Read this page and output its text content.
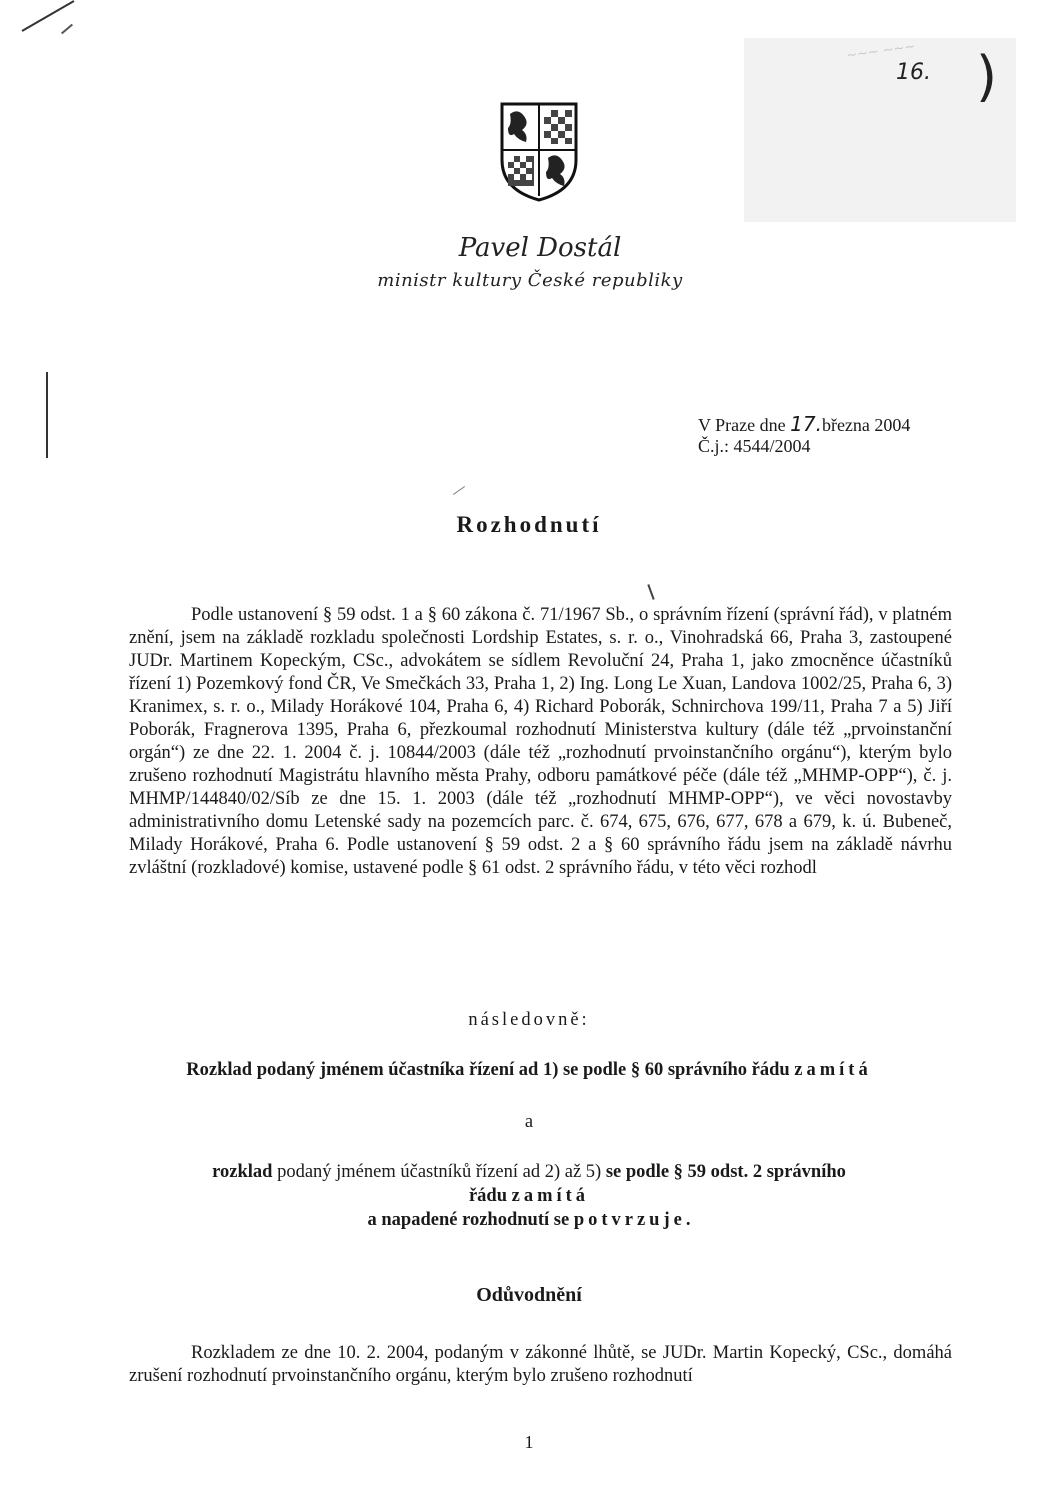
~~~ ~~~
16. )
Pavel Dostál
ministr kultury České republiky
V Praze dne 17.března 2004
Č.j.: 4544/2004
Rozhodnutí
Podle ustanovení § 59 odst. 1 a § 60 zákona č. 71/1967 Sb., o správním řízení (správní řád), v platném znění, jsem na základě rozkladu společnosti Lordship Estates, s. r. o., Vinohradská 66, Praha 3, zastoupené JUDr. Martinem Kopeckým, CSc., advokátem se sídlem Revoluční 24, Praha 1, jako zmocněnce účastníků řízení 1) Pozemkový fond ČR, Ve Smečkách 33, Praha 1, 2) Ing. Long Le Xuan, Landova 1002/25, Praha 6, 3) Kranimex, s. r. o., Milady Horákové 104, Praha 6, 4) Richard Poborák, Schnirchova 199/11, Praha 7 a 5) Jiří Poborák, Fragnerova 1395, Praha 6, přezkoumal rozhodnutí Ministerstva kultury (dále též „prvoinstanční orgán“) ze dne 22. 1. 2004 č. j. 10844/2003 (dále též „rozhodnutí prvoinstančního orgánu“), kterým bylo zrušeno rozhodnutí Magistrátu hlavního města Prahy, odboru památkové péče (dále též „MHMP-OPP“), č. j. MHMP/144840/02/Síb ze dne 15. 1. 2003 (dále též „rozhodnutí MHMP-OPP“), ve věci novostavby administrativního domu Letenské sady na pozemcích parc. č. 674, 675, 676, 677, 678 a 679, k. ú. Bubeneč, Milady Horákové, Praha 6. Podle ustanovení § 59 odst. 2 a § 60 správního řádu jsem na základě návrhu zvláštní (rozkladové) komise, ustavené podle § 61 odst. 2 správního řádu, v této věci rozhodl
následovně:
Rozklad podaný jménem účastníka řízení ad 1) se podle § 60 správního řádu zamítá
a
rozklad podaný jménem účastníků řízení ad 2) až 5) se podle § 59 odst. 2 správního
řádu zamítá
a napadené rozhodnutí se potvrzuje.
Odůvodnění
Rozkladem ze dne 10. 2. 2004, podaným v zákonné lhůtě, se JUDr. Martin Kopecký, CSc., domáhá zrušení rozhodnutí prvoinstančního orgánu, kterým bylo zrušeno rozhodnutí
1
